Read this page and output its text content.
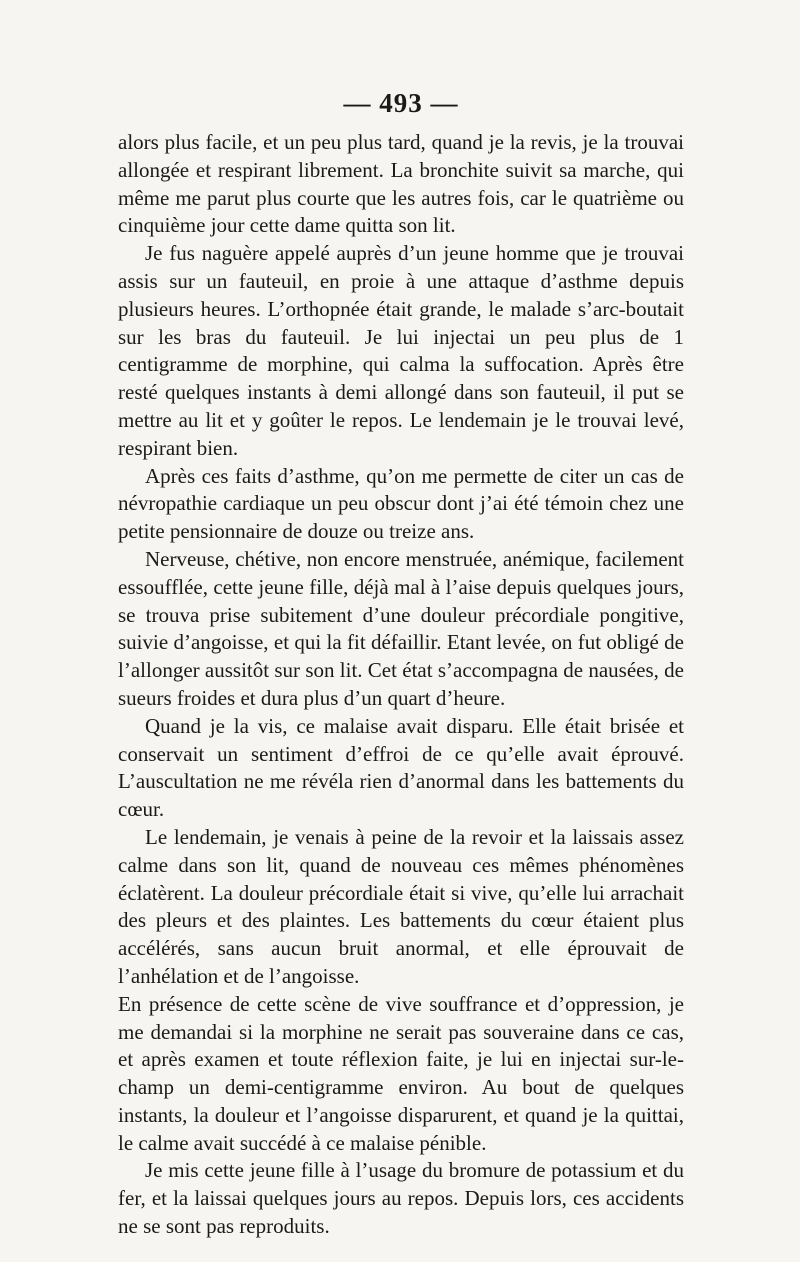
— 493 —

alors plus facile, et un peu plus tard, quand je la revis, je la trouvai allongée et respirant librement. La bronchite suivit sa marche, qui même me parut plus courte que les autres fois, car le quatrième ou cinquième jour cette dame quitta son lit.

Je fus naguère appelé auprès d’un jeune homme que je trouvai assis sur un fauteuil, en proie à une attaque d’asthme depuis plusieurs heures. L’orthopnée était grande, le malade s’arc-boutait sur les bras du fauteuil. Je lui injectai un peu plus de 1 centigramme de morphine, qui calma la suffocation. Après être resté quelques instants à demi allongé dans son fauteuil, il put se mettre au lit et y goûter le repos. Le lendemain je le trouvai levé, respirant bien.

Après ces faits d’asthme, qu’on me permette de citer un cas de névropathie cardiaque un peu obscur dont j’ai été témoin chez une petite pensionnaire de douze ou treize ans.

Nerveuse, chétive, non encore menstruée, anémique, facilement essoufflée, cette jeune fille, déjà mal à l’aise depuis quelques jours, se trouva prise subitement d’une douleur précordiale pongitive, suivie d’angoisse, et qui la fit défaillir. Etant levée, on fut obligé de l’allonger aussitôt sur son lit. Cet état s’accompagna de nausées, de sueurs froides et dura plus d’un quart d’heure.

Quand je la vis, ce malaise avait disparu. Elle était brisée et conservait un sentiment d’effroi de ce qu’elle avait éprouvé. L’auscultation ne me révéla rien d’anormal dans les battements du cœur.

Le lendemain, je venais à peine de la revoir et la laissais assez calme dans son lit, quand de nouveau ces mêmes phénomènes éclatèrent. La douleur précordiale était si vive, qu’elle lui arrachait des pleurs et des plaintes. Les battements du cœur étaient plus accélérés, sans aucun bruit anormal, et elle éprouvait de l’anhélation et de l’angoisse.

En présence de cette scène de vive souffrance et d’oppression, je me demandai si la morphine ne serait pas souveraine dans ce cas, et après examen et toute réflexion faite, je lui en injectai sur-le-champ un demi-centigramme environ. Au bout de quelques instants, la douleur et l’angoisse disparurent, et quand je la quittai, le calme avait succédé à ce malaise pénible.

Je mis cette jeune fille à l’usage du bromure de potassium et du fer, et la laissai quelques jours au repos. Depuis lors, ces accidents ne se sont pas reproduits.
